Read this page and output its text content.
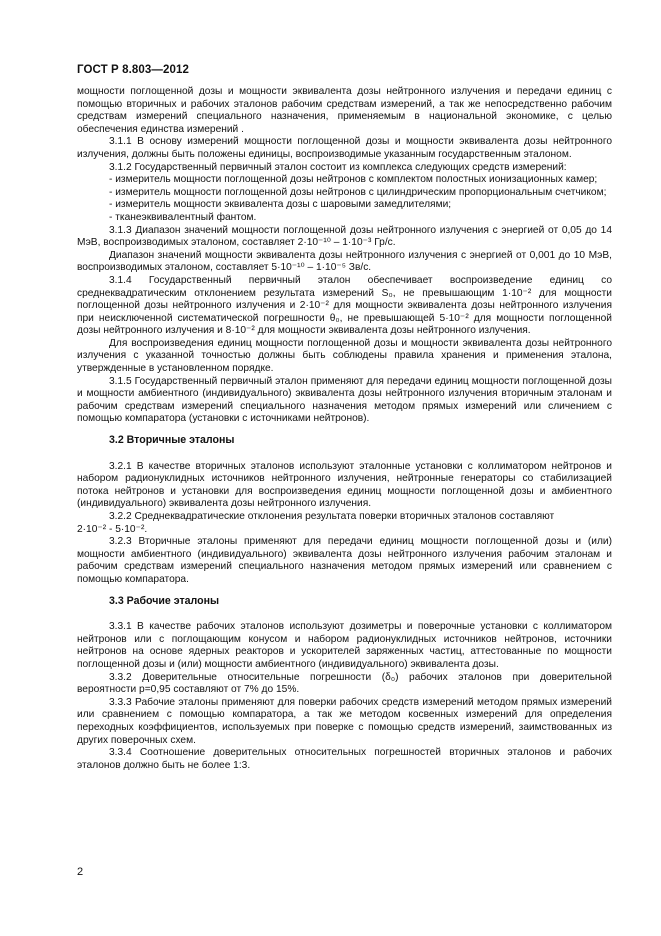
ГОСТ Р 8.803—2012

мощности поглощенной дозы и мощности эквивалента дозы нейтронного излучения и передачи единиц с помощью вторичных и рабочих эталонов рабочим средствам измерений, а так же непосредственно рабочим средствам измерений специального назначения, применяемым в национальной экономике, с целью обеспечения единства измерений .

3.1.1 В основу измерений мощности поглощенной дозы и мощности эквивалента дозы нейтронного излучения, должны быть положены единицы, воспроизводимые указанным государственным эталоном.

3.1.2 Государственный первичный эталон состоит из комплекса следующих средств измерений:

- измеритель мощности поглощенной дозы нейтронов с комплектом полостных ионизационных камер;

- измеритель мощности поглощенной дозы нейтронов с цилиндрическим пропорциональным счетчиком;

- измеритель мощности эквивалента дозы с шаровыми замедлителями;

- тканеэквивалентный фантом.

3.1.3 Диапазон значений мощности поглощенной дозы нейтронного излучения с энергией от 0,05 до 14 МэВ, воспроизводимых эталоном, составляет 2·10⁻¹⁰ – 1·10⁻³ Гр/с.

Диапазон значений мощности эквивалента дозы нейтронного излучения с энергией от 0,001 до 10 МэВ, воспроизводимых эталоном, составляет 5·10⁻¹⁰ – 1·10⁻⁵ Зв/с.

3.1.4 Государственный первичный эталон обеспечивает воспроизведение единиц со среднеквадратическим отклонением результата измерений S₀, не превышающим 1·10⁻² для мощности поглощенной дозы нейтронного излучения и 2·10⁻² для мощности эквивалента дозы нейтронного излучения при неисключенной систематической погрешности θ₀, не превышающей 5·10⁻² для мощности поглощенной дозы нейтронного излучения и 8·10⁻² для мощности эквивалента дозы нейтронного излучения.

Для воспроизведения единиц мощности поглощенной дозы и мощности эквивалента дозы нейтронного излучения с указанной точностью должны быть соблюдены правила хранения и применения эталона, утвержденные в установленном порядке.

3.1.5 Государственный первичный эталон применяют для передачи единиц мощности поглощенной дозы и мощности амбиентного (индивидуального) эквивалента дозы нейтронного излучения вторичным эталонам и рабочим средствам измерений специального назначения методом прямых измерений или сличением с помощью компаратора (установки с источниками нейтронов).

3.2 Вторичные эталоны

3.2.1 В качестве вторичных эталонов используют эталонные установки с коллиматором нейтронов и набором радионуклидных источников нейтронного излучения, нейтронные генераторы со стабилизацией потока нейтронов и установки для воспроизведения единиц мощности поглощенной дозы и амбиентного (индивидуального) эквивалента дозы нейтронного излучения.

3.2.2 Среднеквадратические отклонения результата поверки вторичных эталонов составляют

2·10⁻² - 5·10⁻².

3.2.3 Вторичные эталоны применяют для передачи единиц мощности поглощенной дозы и (или) мощности амбиентного (индивидуального) эквивалента дозы нейтронного излучения рабочим эталонам и рабочим средствам измерений специального назначения методом прямых измерений или сравнением с помощью компаратора.

3.3 Рабочие эталоны

3.3.1 В качестве рабочих эталонов используют дозиметры и поверочные установки с коллиматором нейтронов или с поглощающим конусом и набором радионуклидных источников нейтронов, источники нейтронов на основе ядерных реакторов и ускорителей заряженных частиц, аттестованные по мощности поглощенной дозы и (или) мощности амбиентного (индивидуального) эквивалента дозы.

3.3.2 Доверительные относительные погрешности (δ₀) рабочих эталонов при доверительной вероятности p=0,95 составляют от 7% до 15%.

3.3.3 Рабочие эталоны применяют для поверки рабочих средств измерений методом прямых измерений или сравнением с помощью компаратора, а так же методом косвенных измерений для определения переходных коэффициентов, используемых при поверке с помощью средств измерений, заимствованных из других поверочных схем.

3.3.4 Соотношение доверительных относительных погрешностей вторичных эталонов и рабочих эталонов должно быть не более 1:3.

2
